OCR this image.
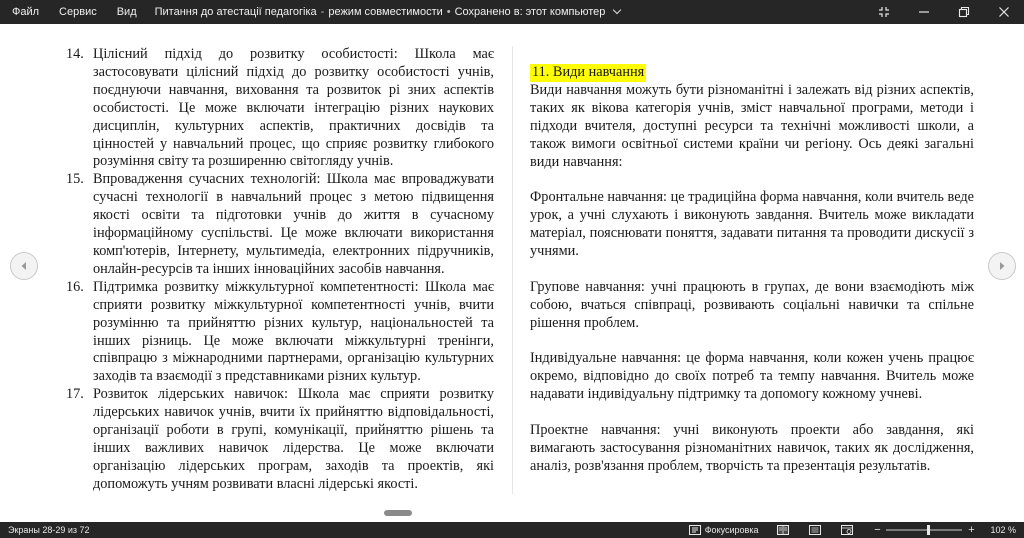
Файл	Сервис	Вид	Питання до атестації педагогіка - режим совместимости • Сохранено в: этот компьютер
14. Цілісний підхід до розвитку особистості: Школа має застосовувати цілісний підхід до розвитку особистості учнів, поєднуючи навчання, виховання та розвиток рі зних аспектів особистості. Це може включати інтеграцію різних наукових дисциплін, культурних аспектів, практичних досвідів та цінностей у навчальний процес, що сприяє розвитку глибокого розуміння світу та розширенню світогляду учнів.
15. Впровадження сучасних технологій: Школа має впроваджувати сучасні технології в навчальний процес з метою підвищення якості освіти та підготовки учнів до життя в сучасному інформаційному суспільстві. Це може включати використання комп'ютерів, Інтернету, мультимедіа, електронних підручників, онлайн-ресурсів та інших інноваційних засобів навчання.
16. Підтримка розвитку міжкультурної компетентності: Школа має сприяти розвитку міжкультурної компетентності учнів, вчити розумінню та прийняттю різних культур, національностей та інших різниць. Це може включати міжкультурні тренінги, співпрацю з міжнародними партнерами, організацію культурних заходів та взаємодії з представниками різних культур.
17. Розвиток лідерських навичок: Школа має сприяти розвитку лідерських навичок учнів, вчити їх прийняттю відповідальності, організації роботи в групі, комунікації, прийняттю рішень та інших важливих навичок лідерства. Це може включати організацію лідерських програм, заходів та проектів, які допоможуть учням розвивати власні лідерські якості.
11. Види навчання

Види навчання можуть бути різноманітні і залежать від різних аспектів, таких як вікова категорія учнів, зміст навчальної програми, методи і підходи вчителя, доступні ресурси та технічні можливості школи, а також вимоги освітньої системи країни чи регіону. Ось деякі загальні види навчання:

Фронтальне навчання: це традиційна форма навчання, коли вчитель веде урок, а учні слухають і виконують завдання. Вчитель може викладати матеріал, пояснювати поняття, задавати питання та проводити дискусії з учнями.

Групове навчання: учні працюють в групах, де вони взаємодіють між собою, вчаться співпраці, розвивають соціальні навички та спільне рішення проблем.

Індивідуальне навчання: це форма навчання, коли кожен учень працює окремо, відповідно до своїх потреб та темпу навчання. Вчитель може надавати індивідуальну підтримку та допомогу кожному учневі.

Проектне навчання: учні виконують проекти або завдання, які вимагають застосування різноманітних навичок, таких як дослідження, аналіз, розв'язання проблем, творчість та презентація результатів.

Экраны 28-29 из 72	Фокусировка	−	+ 102 %
